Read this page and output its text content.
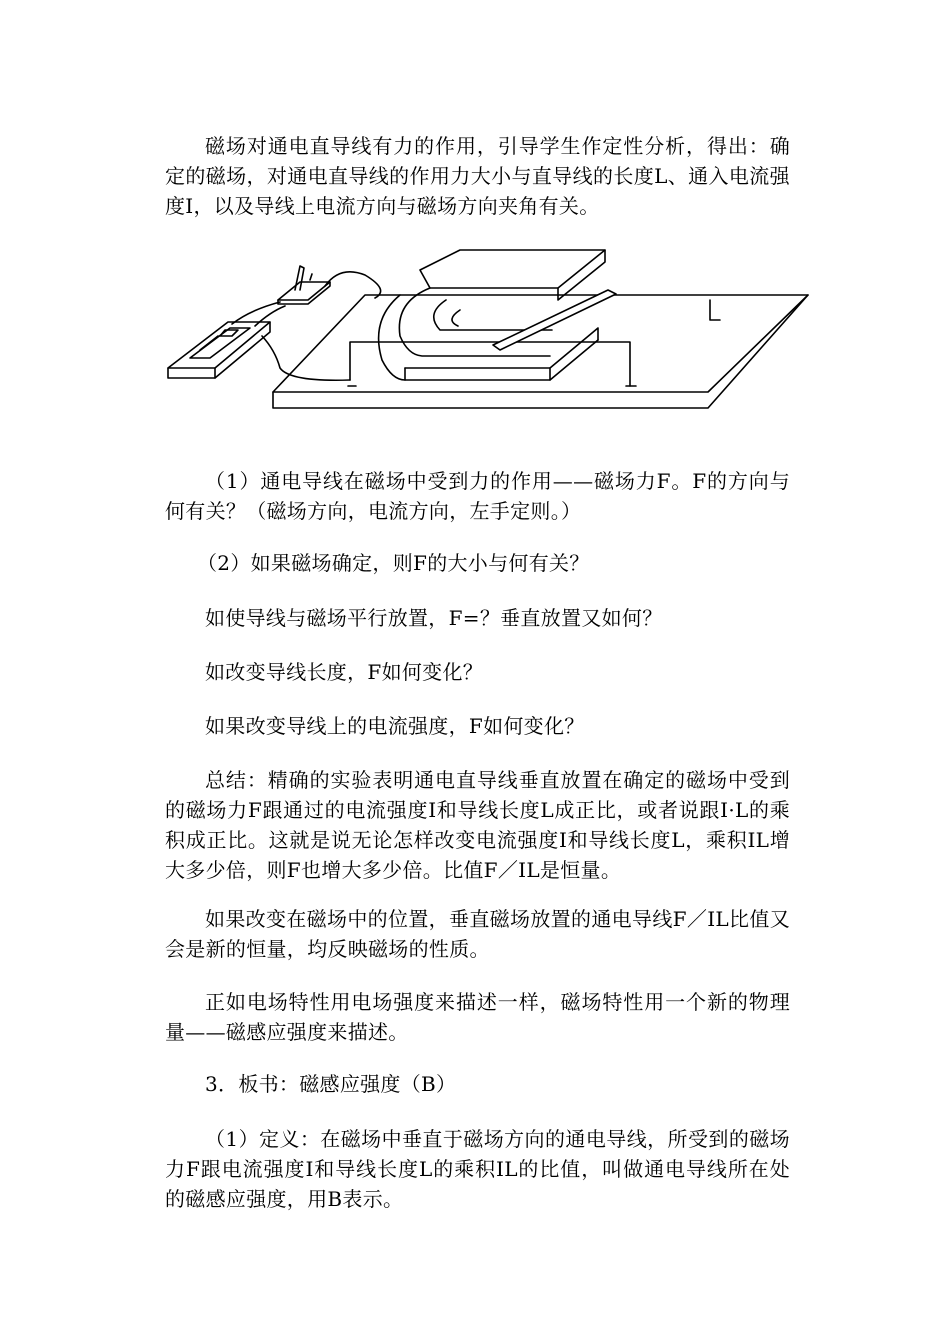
磁场对通电直导线有力的作用，引导学生作定性分析，得出：确定的磁场，对通电直导线的作用力大小与直导线的长度L、通入电流强度I，以及导线上电流方向与磁场方向夹角有关。

（1）通电导线在磁场中受到力的作用——磁场力F。F的方向与何有关？（磁场方向，电流方向，左手定则。）

（2）如果磁场确定，则F的大小与何有关？

如使导线与磁场平行放置，F=？垂直放置又如何？

如改变导线长度，F如何变化？

如果改变导线上的电流强度，F如何变化？

总结：精确的实验表明通电直导线垂直放置在确定的磁场中受到的磁场力F跟通过的电流强度I和导线长度L成正比，或者说跟I·L的乘积成正比。这就是说无论怎样改变电流强度I和导线长度L，乘积IL增大多少倍，则F也增大多少倍。比值F／IL是恒量。

如果改变在磁场中的位置，垂直磁场放置的通电导线F／IL比值又会是新的恒量，均反映磁场的性质。

正如电场特性用电场强度来描述一样，磁场特性用一个新的物理量——磁感应强度来描述。

3．板书：磁感应强度（B）

（1）定义：在磁场中垂直于磁场方向的通电导线，所受到的磁场力F跟电流强度I和导线长度L的乘积IL的比值，叫做通电导线所在处的磁感应强度，用B表示。
